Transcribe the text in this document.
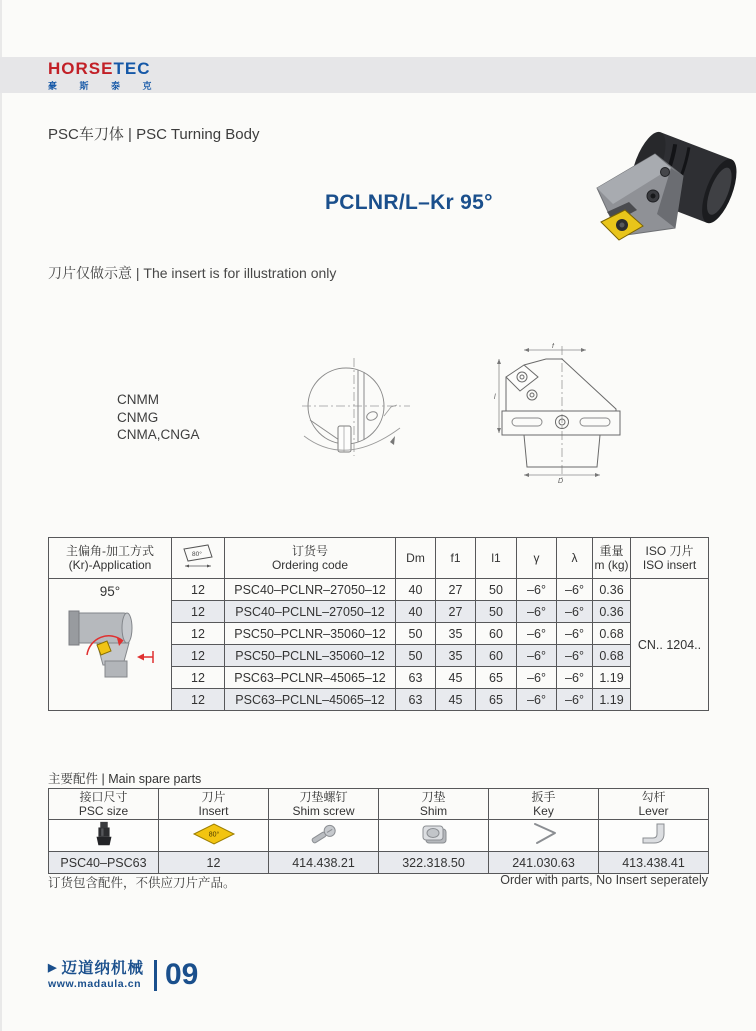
HORSETEC
豪 斯 泰 克
PSC车刀体 | PSC Turning Body
PCLNR/L–Kr 95°
刀片仅做示意 | The insert is for illustration only
CNMM
CNMG
CNMA,CNGA
f
l
D
主偏角-加工方式
(Kr)-Application

80°	订货号
Ordering code
	Dm	f1	l1	γ	λ	
重量
m (kg)

ISO 刀片
ISO insert

95°	12	PSC40–PCLNR–27050–12	40	27	50	–6°	–6°	0.36	CN.. 1204..
	12	PSC40–PCLNL–27050–12	40	27	50	–6°	–6°	0.36	
	12	PSC50–PCLNR–35060–12	50	35	60	–6°	–6°	0.68	
	12	PSC50–PCLNL–35060–12	50	35	60	–6°	–6°	0.68	
	12	PSC63–PCLNR–45065–12	63	45	65	–6°	–6°	1.19	
	12	PSC63–PCLNL–45065–12	63	45	65	–6°	–6°	1.19	
主要配件 | Main spare parts
接口尺寸
PSC size

刀片
Insert

刀垫螺钉
Shim screw

刀垫
Shim

扳手
Key

勾杆
Lever

80°

PSC40–PSC63	12	414.438.21	322.318.50	241.030.63	413.438.41
订货包含配件，不供应刀片产品。	Order with parts, No Insert seperately
▶ 迈道纳机械
www.madaula.cn 09
